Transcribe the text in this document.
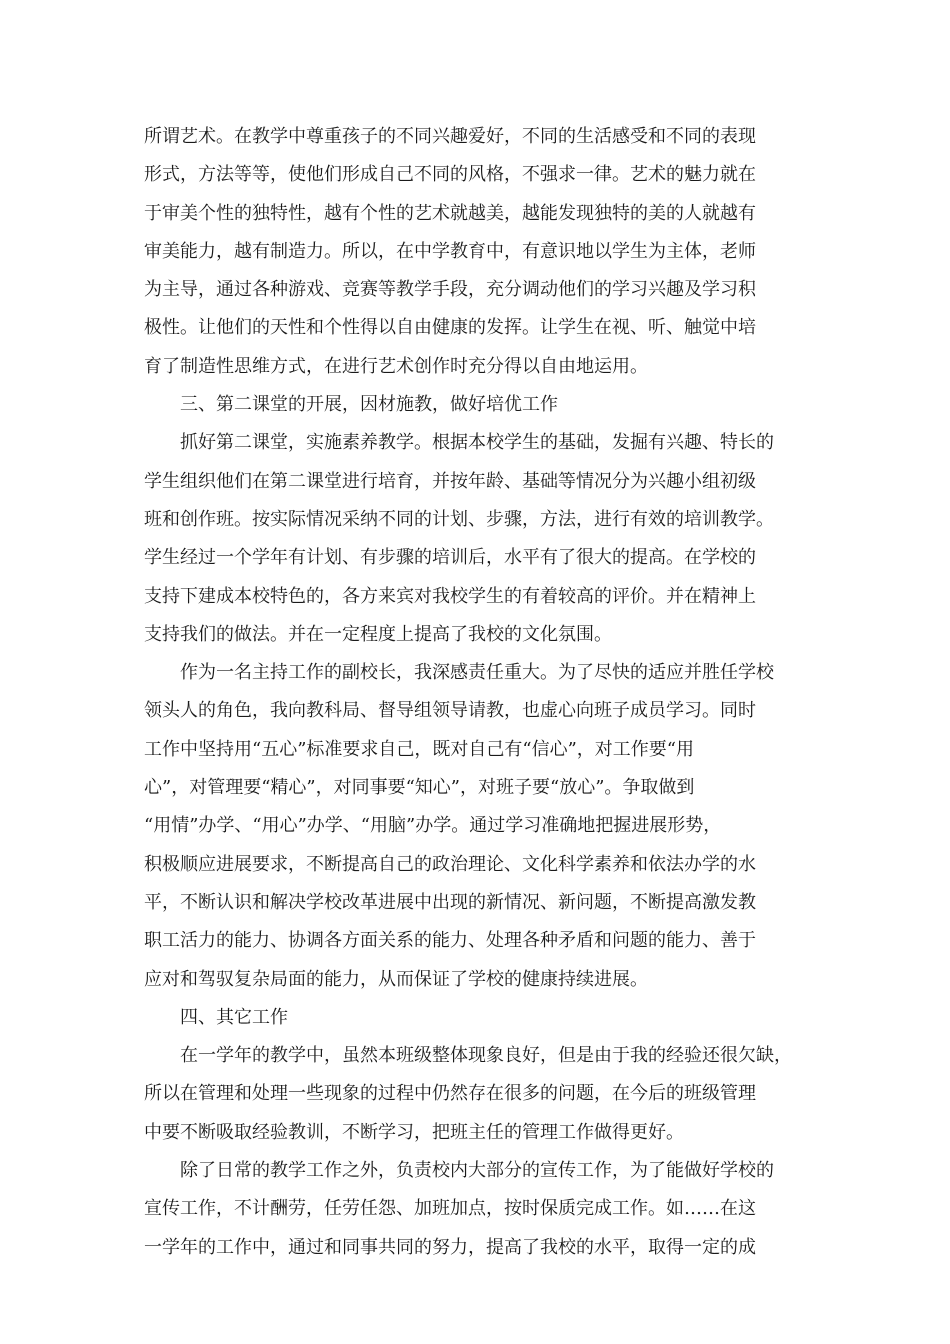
所谓艺术。在教学中尊重孩子的不同兴趣爱好，不同的生活感受和不同的表现
形式，方法等等，使他们形成自己不同的风格，不强求一律。艺术的魅力就在
于审美个性的独特性，越有个性的艺术就越美，越能发现独特的美的人就越有
审美能力，越有制造力。所以，在中学教育中，有意识地以学生为主体，老师
为主导，通过各种游戏、竞赛等教学手段，充分调动他们的学习兴趣及学习积
极性。让他们的天性和个性得以自由健康的发挥。让学生在视、听、触觉中培
育了制造性思维方式，在进行艺术创作时充分得以自由地运用。
　　三、第二课堂的开展，因材施教，做好培优工作
　　抓好第二课堂，实施素养教学。根据本校学生的基础，发掘有兴趣、特长的
学生组织他们在第二课堂进行培育，并按年龄、基础等情况分为兴趣小组初级
班和创作班。按实际情况采纳不同的计划、步骤，方法，进行有效的培训教学。
学生经过一个学年有计划、有步骤的培训后，水平有了很大的提高。在学校的
支持下建成本校特色的，各方来宾对我校学生的有着较高的评价。并在精神上
支持我们的做法。并在一定程度上提高了我校的文化氛围。
　　作为一名主持工作的副校长，我深感责任重大。为了尽快的适应并胜任学校
领头人的角色，我向教科局、督导组领导请教，也虚心向班子成员学习。同时
工作中坚持用“五心”标准要求自己，既对自己有“信心”，对工作要“用
心”，对管理要“精心”，对同事要“知心”，对班子要“放心”。争取做到
“用情”办学、“用心”办学、“用脑”办学。通过学习准确地把握进展形势，
积极顺应进展要求，不断提高自己的政治理论、文化科学素养和依法办学的水
平，不断认识和解决学校改革进展中出现的新情况、新问题，不断提高激发教
职工活力的能力、协调各方面关系的能力、处理各种矛盾和问题的能力、善于
应对和驾驭复杂局面的能力，从而保证了学校的健康持续进展。
　　四、其它工作
　　在一学年的教学中，虽然本班级整体现象良好，但是由于我的经验还很欠缺，
所以在管理和处理一些现象的过程中仍然存在很多的问题，在今后的班级管理
中要不断吸取经验教训，不断学习，把班主任的管理工作做得更好。
　　除了日常的教学工作之外，负责校内大部分的宣传工作，为了能做好学校的
宣传工作，不计酬劳，任劳任怨、加班加点，按时保质完成工作。如……在这
一学年的工作中，通过和同事共同的努力，提高了我校的水平，取得一定的成
